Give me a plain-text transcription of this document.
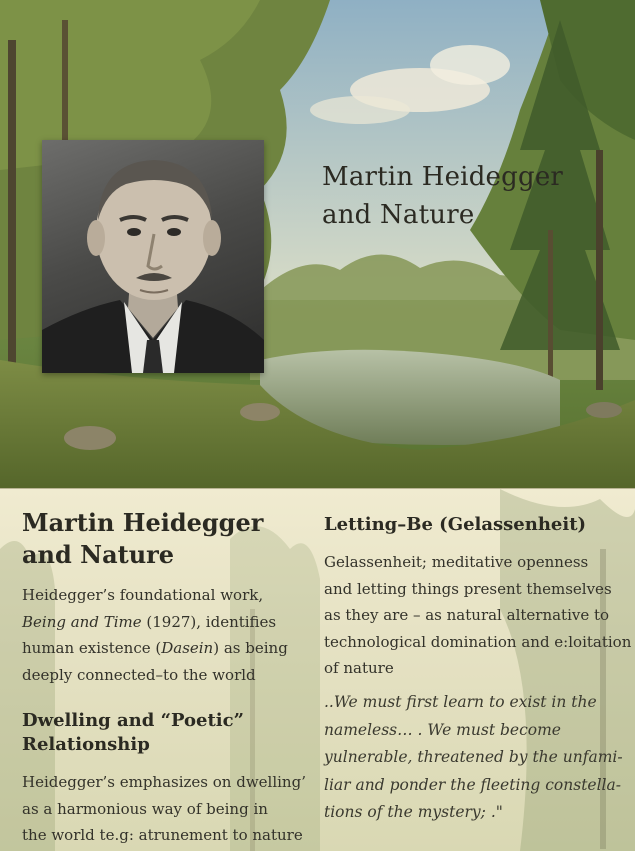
Martin Heidegger
and Nature
Martin Heidegger
and Nature

Heidegger’s foundational work,
Being and Time (1927), identifies
human existence (Dasein) as being
deeply connected–to the world

Dwelling and “Poetic”
Relationship

Heidegger’s emphasizes on dwelling’
as a harmonious way of being in
the world te.g: atrunement to nature

Letting–Be (Gelassenheit)

Gelassenheit; meditative openness
and letting things present themselves
as they are – as natural alternative to
technological domination and e:loitation
of nature

..We must first learn to exist in the
nameless… . We must become
yulnerable, threatened by the unfami-
liar and ponder the fleeting constella-
tions of the mystery; ."
